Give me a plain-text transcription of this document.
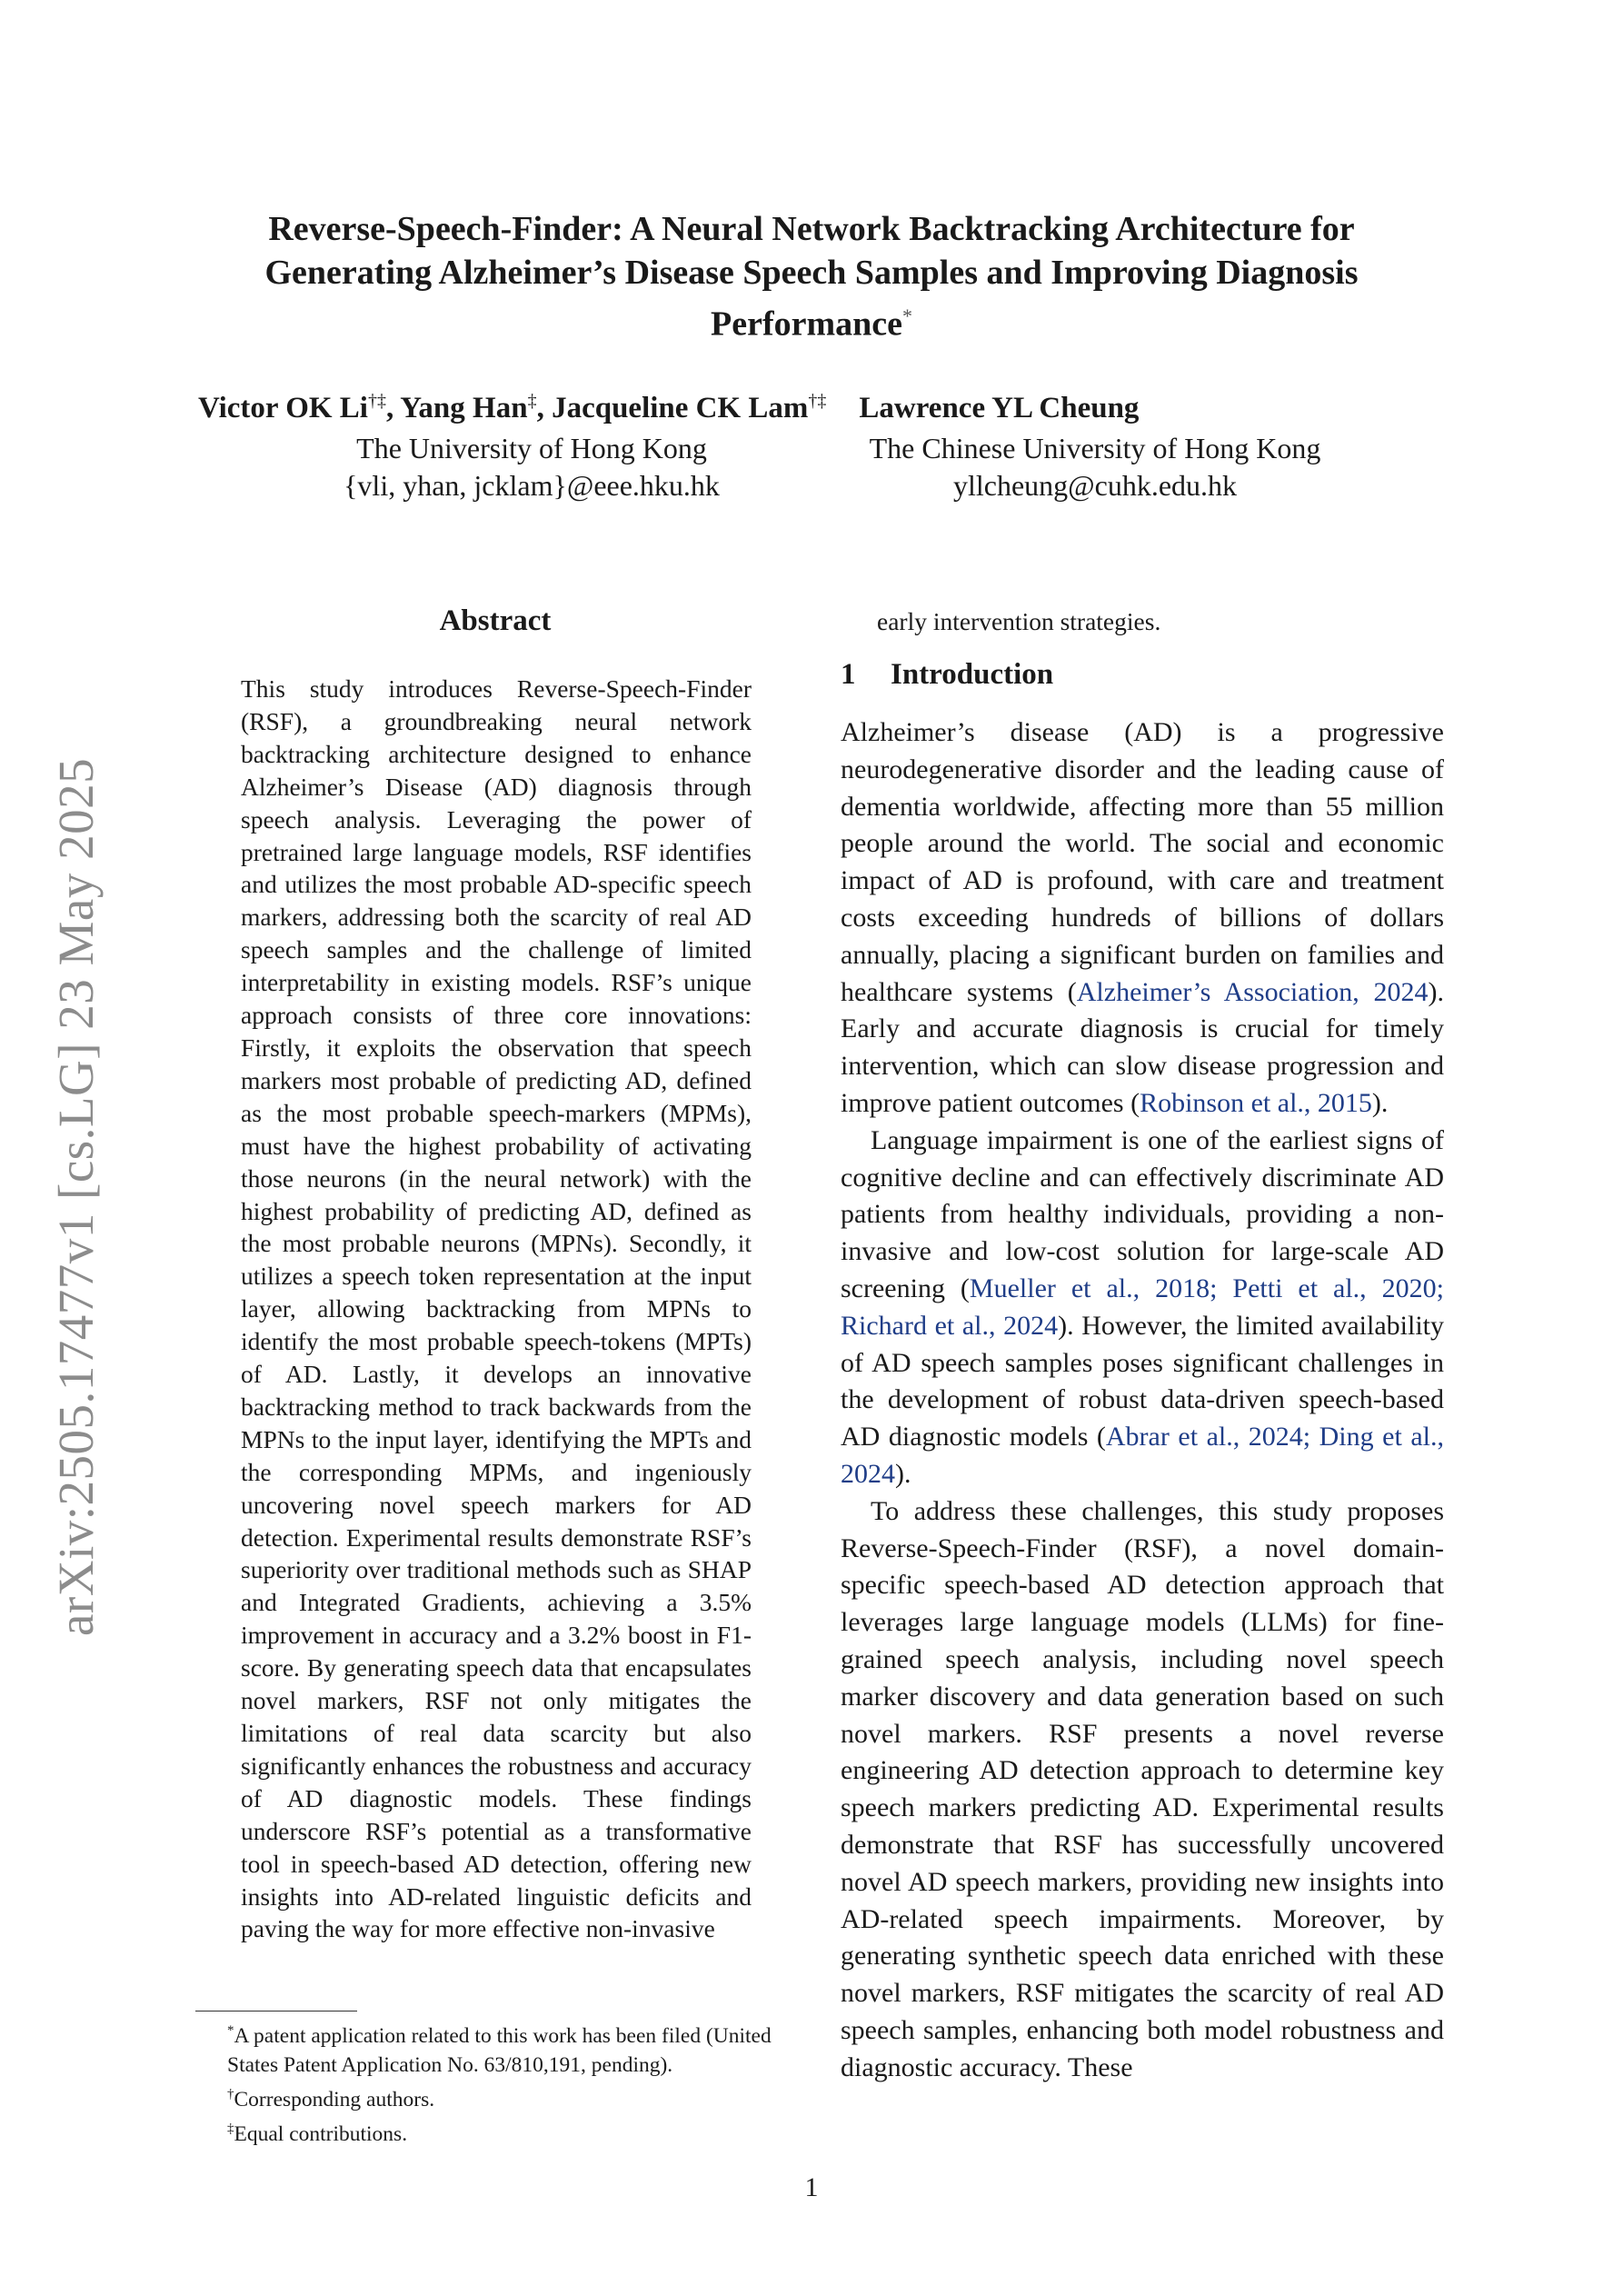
arXiv:2505.17477v1 [cs.LG] 23 May 2025
Reverse-Speech-Finder: A Neural Network Backtracking Architecture for
Generating Alzheimer’s Disease Speech Samples and Improving Diagnosis
Performance*
Victor OK Li†‡, Yang Han‡, Jacqueline CK Lam†‡ Lawrence YL Cheung
The University of Hong Kong
{vli, yhan, jcklam}@eee.hku.hk
The Chinese University of Hong Kong
yllcheung@cuhk.edu.hk
Abstract
This study introduces Reverse-Speech-Finder (RSF), a groundbreaking neural network backtracking architecture designed to enhance Alzheimer’s Disease (AD) diagnosis through speech analysis. Leveraging the power of pretrained large language models, RSF identifies and utilizes the most probable AD-specific speech markers, addressing both the scarcity of real AD speech samples and the challenge of limited interpretability in existing models. RSF’s unique approach consists of three core innovations: Firstly, it exploits the observation that speech markers most probable of predicting AD, defined as the most probable speech-markers (MPMs), must have the highest probability of activating those neurons (in the neural network) with the highest probability of predicting AD, defined as the most probable neurons (MPNs). Secondly, it utilizes a speech token representation at the input layer, allowing backtracking from MPNs to identify the most probable speech-tokens (MPTs) of AD. Lastly, it develops an innovative backtracking method to track backwards from the MPNs to the input layer, identifying the MPTs and the corresponding MPMs, and ingeniously uncovering novel speech markers for AD detection. Experimental results demonstrate RSF’s superiority over traditional methods such as SHAP and Integrated Gradients, achieving a 3.5% improvement in accuracy and a 3.2% boost in F1-score. By generating speech data that encapsulates novel markers, RSF not only mitigates the limitations of real data scarcity but also significantly enhances the robustness and accuracy of AD diagnostic models. These findings underscore RSF’s potential as a transformative tool in speech-based AD detection, offering new insights into AD-related linguistic deficits and paving the way for more effective non-invasive

*A patent application related to this work has been filed (United States Patent Application No. 63/810,191, pending).

†Corresponding authors.

‡Equal contributions.

early intervention strategies.
1 Introduction

Alzheimer’s disease (AD) is a progressive neurodegenerative disorder and the leading cause of dementia worldwide, affecting more than 55 million people around the world. The social and economic impact of AD is profound, with care and treatment costs exceeding hundreds of billions of dollars annually, placing a significant burden on families and healthcare systems (Alzheimer’s Association, 2024). Early and accurate diagnosis is crucial for timely intervention, which can slow disease progression and improve patient outcomes (Robinson et al., 2015).

Language impairment is one of the earliest signs of cognitive decline and can effectively discriminate AD patients from healthy individuals, providing a non-invasive and low-cost solution for large-scale AD screening (Mueller et al., 2018; Petti et al., 2020; Richard et al., 2024). However, the limited availability of AD speech samples poses significant challenges in the development of robust data-driven speech-based AD diagnostic models (Abrar et al., 2024; Ding et al., 2024).

To address these challenges, this study proposes Reverse-Speech-Finder (RSF), a novel domain-specific speech-based AD detection approach that leverages large language models (LLMs) for fine-grained speech analysis, including novel speech marker discovery and data generation based on such novel markers. RSF presents a novel reverse engineering AD detection approach to determine key speech markers predicting AD. Experimental results demonstrate that RSF has successfully uncovered novel AD speech markers, providing new insights into AD-related speech impairments. Moreover, by generating synthetic speech data enriched with these novel markers, RSF mitigates the scarcity of real AD speech samples, enhancing both model robustness and diagnostic accuracy. These

1
